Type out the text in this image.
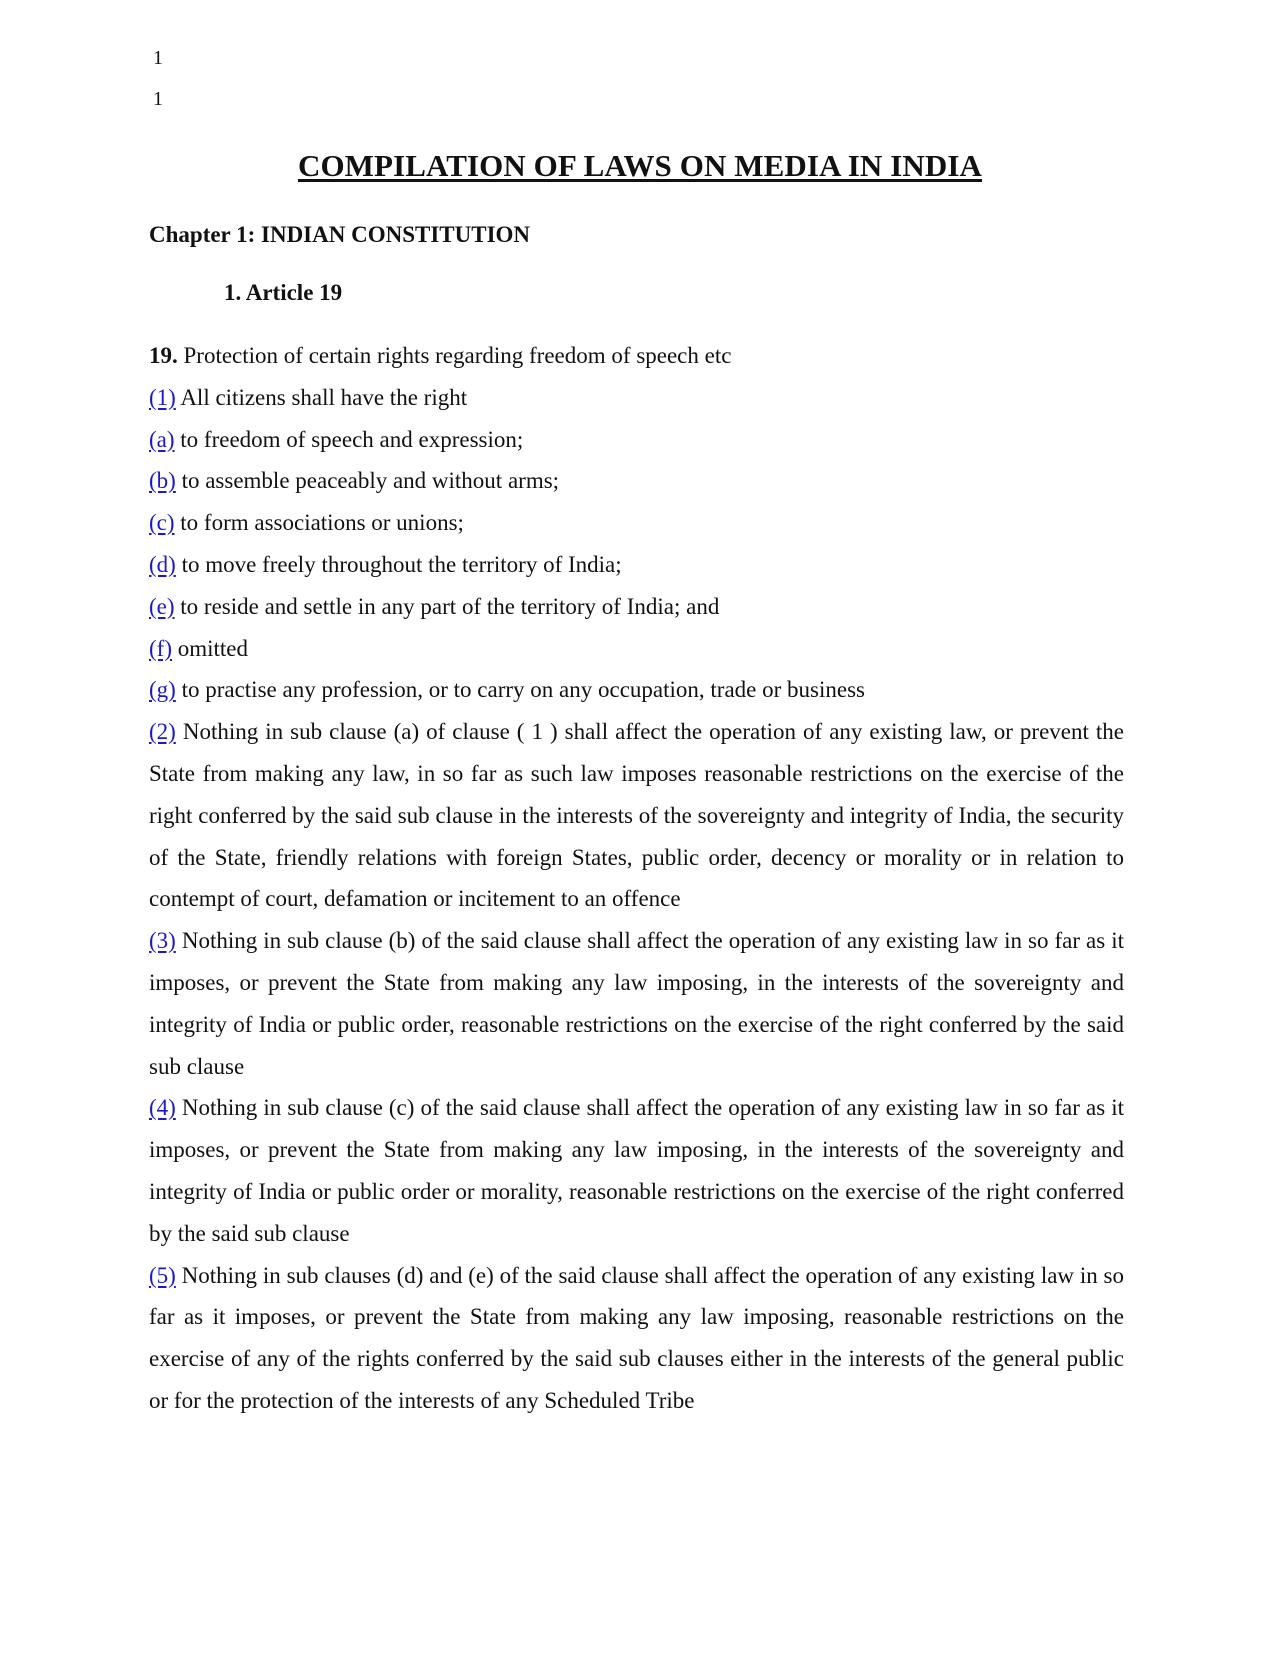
1
1
COMPILATION OF LAWS ON MEDIA IN INDIA
Chapter 1: INDIAN CONSTITUTION
1. Article 19

19. Protection of certain rights regarding freedom of speech etc

(1) All citizens shall have the right

(a) to freedom of speech and expression;

(b) to assemble peaceably and without arms;

(c) to form associations or unions;

(d) to move freely throughout the territory of India;

(e) to reside and settle in any part of the territory of India; and

(f) omitted

(g) to practise any profession, or to carry on any occupation, trade or business

(2) Nothing in sub clause (a) of clause ( 1 ) shall affect the operation of any existing law, or prevent the State from making any law, in so far as such law imposes reasonable restrictions on the exercise of the right conferred by the said sub clause in the interests of the sovereignty and integrity of India, the security of the State, friendly relations with foreign States, public order, decency or morality or in relation to contempt of court, defamation or incitement to an offence

(3) Nothing in sub clause (b) of the said clause shall affect the operation of any existing law in so far as it imposes, or prevent the State from making any law imposing, in the interests of the sovereignty and integrity of India or public order, reasonable restrictions on the exercise of the right conferred by the said sub clause

(4) Nothing in sub clause (c) of the said clause shall affect the operation of any existing law in so far as it imposes, or prevent the State from making any law imposing, in the interests of the sovereignty and integrity of India or public order or morality, reasonable restrictions on the exercise of the right conferred by the said sub clause

(5) Nothing in sub clauses (d) and (e) of the said clause shall affect the operation of any existing law in so far as it imposes, or prevent the State from making any law imposing, reasonable restrictions on the exercise of any of the rights conferred by the said sub clauses either in the interests of the general public or for the protection of the interests of any Scheduled Tribe
